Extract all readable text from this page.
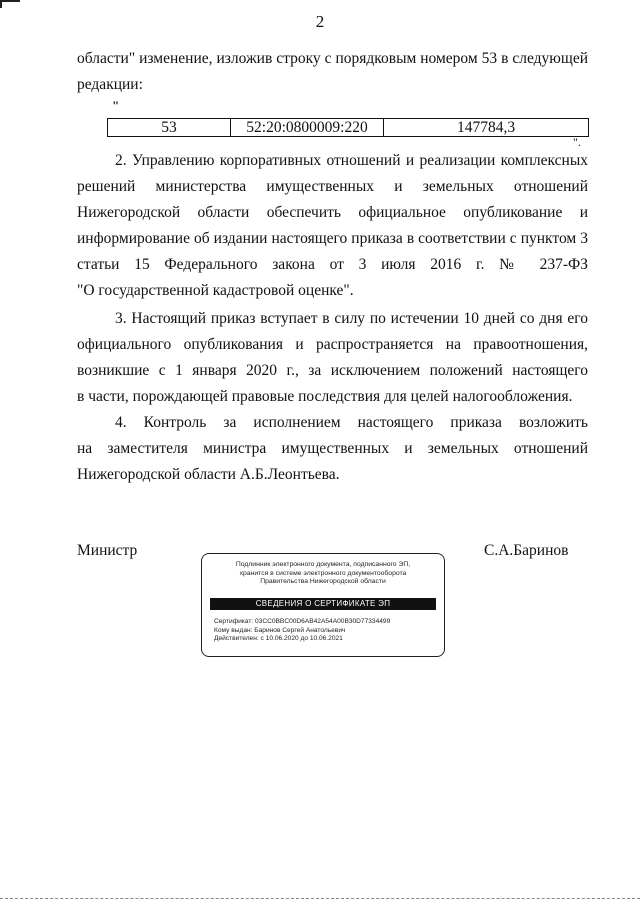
2
области" изменение, изложив строку с порядковым номером 53 в следующей
редакции:
"
53	52:20:0800009:220	147784,3
".
2. Управлению корпоративных отношений и реализации комплексных
решений министерства имущественных и земельных отношений
Нижегородской области обеспечить официальное опубликование и
информирование об издании настоящего приказа в соответствии с пунктом 3
статьи 15 Федерального закона от 3 июля 2016 г. № 237-ФЗ
"О государственной кадастровой оценке".
3. Настоящий приказ вступает в силу по истечении 10 дней со дня его
официального опубликования и распространяется на правоотношения,
возникшие с 1 января 2020 г., за исключением положений настоящего
в части, порождающей правовые последствия для целей налогообложения.
4. Контроль за исполнением настоящего приказа возложить
на заместителя министра имущественных и земельных отношений
Нижегородской области А.Б.Леонтьева.
Министр	С.А.Баринов
Подлинник электронного документа, подписанного ЭП,
хранится в системе электронного документооборота
Правительства Нижегородской области
СВЕДЕНИЯ О СЕРТИФИКАТЕ ЭП
Сертификат: 03CC0BBC00D6AB42A54A00B30D77334499
Кому выдан: Баринов Сергей Анатольевич
Действителен: с 10.06.2020 до 10.06.2021
